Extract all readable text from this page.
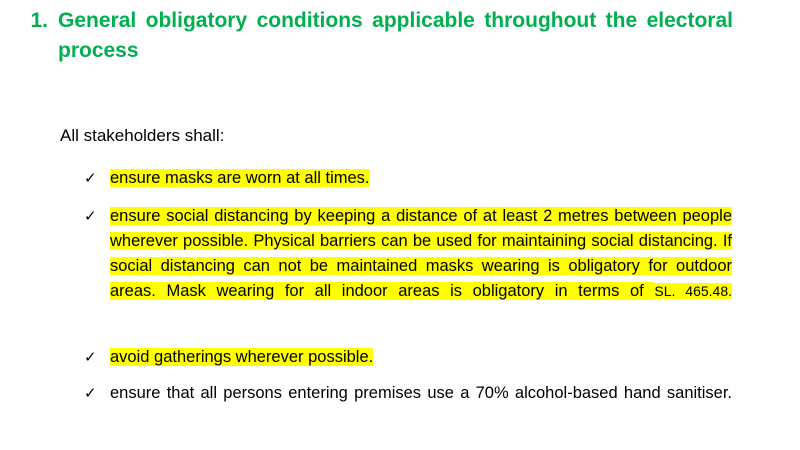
1. General obligatory conditions applicable throughout the electoral process
All stakeholders shall:
✓ ensure masks are worn at all times.
✓ ensure social distancing by keeping a distance of at least 2 metres between people wherever possible. Physical barriers can be used for maintaining social distancing. If social distancing can not be maintained masks wearing is obligatory for outdoor areas. Mask wearing for all indoor areas is obligatory in terms of SL. 465.48.
✓ avoid gatherings wherever possible.
✓ ensure that all persons entering premises use a 70% alcohol-based hand sanitiser.
